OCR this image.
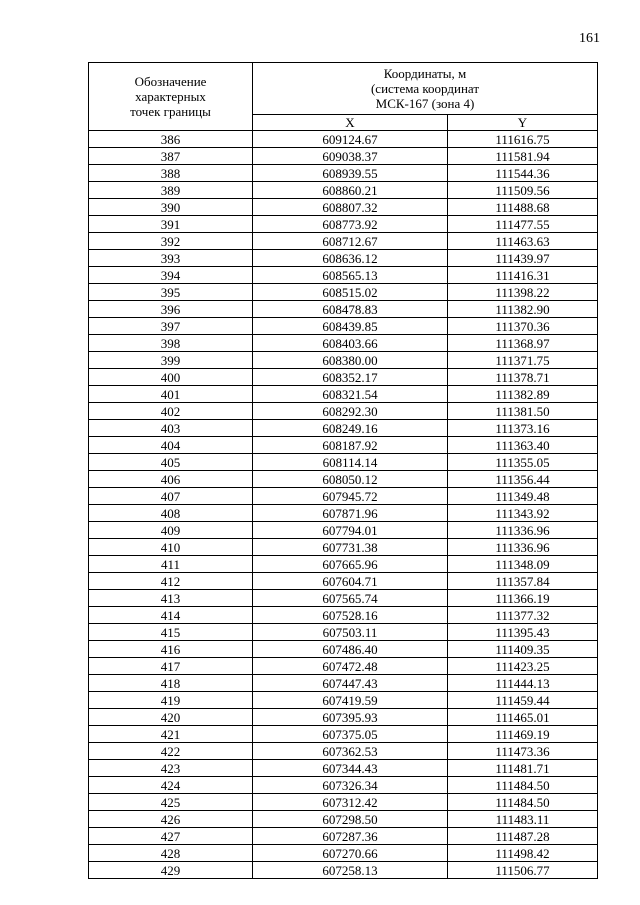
161
Обозначение
характерных
точек границы	Координаты, м
(система координат
МСК-167 (зона 4)	

	X	Y
386	609124.67	111616.75
387	609038.37	111581.94
388	608939.55	111544.36
389	608860.21	111509.56
390	608807.32	111488.68
391	608773.92	111477.55
392	608712.67	111463.63
393	608636.12	111439.97
394	608565.13	111416.31
395	608515.02	111398.22
396	608478.83	111382.90
397	608439.85	111370.36
398	608403.66	111368.97
399	608380.00	111371.75
400	608352.17	111378.71
401	608321.54	111382.89
402	608292.30	111381.50
403	608249.16	111373.16
404	608187.92	111363.40
405	608114.14	111355.05
406	608050.12	111356.44
407	607945.72	111349.48
408	607871.96	111343.92
409	607794.01	111336.96
410	607731.38	111336.96
411	607665.96	111348.09
412	607604.71	111357.84
413	607565.74	111366.19
414	607528.16	111377.32
415	607503.11	111395.43
416	607486.40	111409.35
417	607472.48	111423.25
418	607447.43	111444.13
419	607419.59	111459.44
420	607395.93	111465.01
421	607375.05	111469.19
422	607362.53	111473.36
423	607344.43	111481.71
424	607326.34	111484.50
425	607312.42	111484.50
426	607298.50	111483.11
427	607287.36	111487.28
428	607270.66	111498.42
429	607258.13	111506.77
